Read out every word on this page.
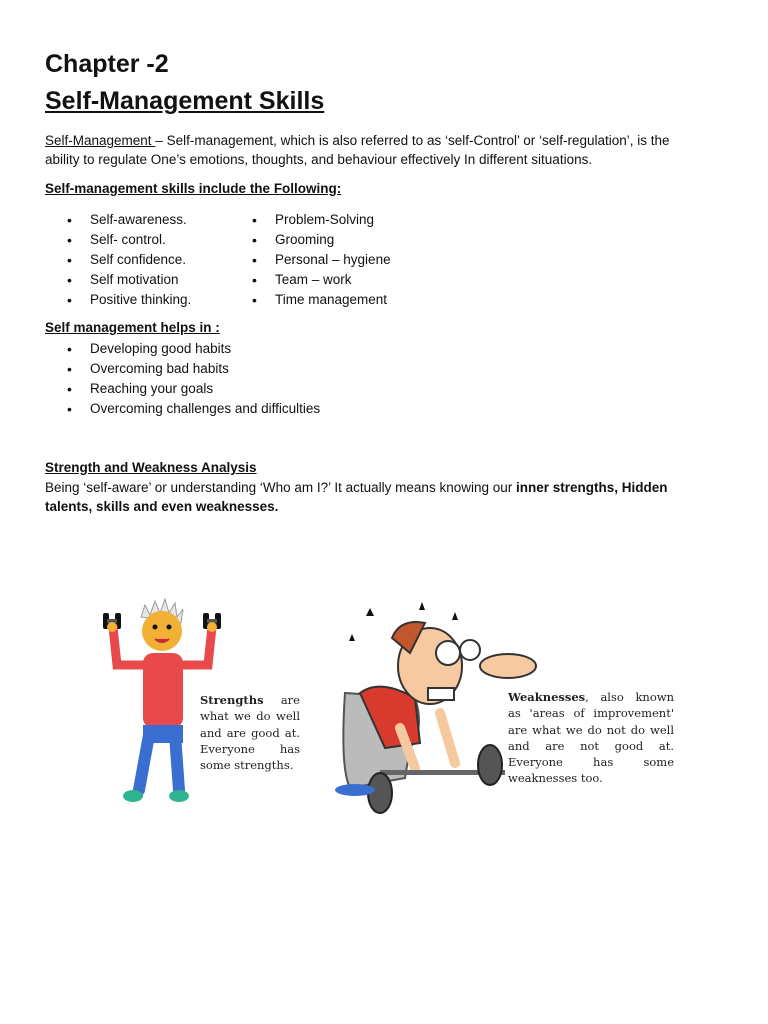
Chapter -2
Self-Management Skills

Self-Management – Self-management, which is also referred to as ‘self-Control’ or ‘self-regulation’, is the ability to regulate One’s emotions, thoughts, and behaviour effectively In different situations.

Self-management skills include the Following:

• Self-awareness.
• Self- control.
• Self confidence.
• Self motivation
• Positive thinking.
• Problem-Solving
• Grooming
• Personal – hygiene
• Team – work
• Time management

Self management helps in :

• Developing good habits
• Overcoming bad habits
• Reaching your goals
• Overcoming challenges and difficulties

Strength and Weakness Analysis

Being ‘self-aware’ or understanding ‘Who am I?’ It actually means knowing our inner strengths, Hidden talents, skills and even weaknesses.

Strengths are what we do well and are good at. Everyone has some strengths.
Weaknesses, also known as 'areas of improvement' are what we do not do well and are not good at. Everyone has some weaknesses too.
